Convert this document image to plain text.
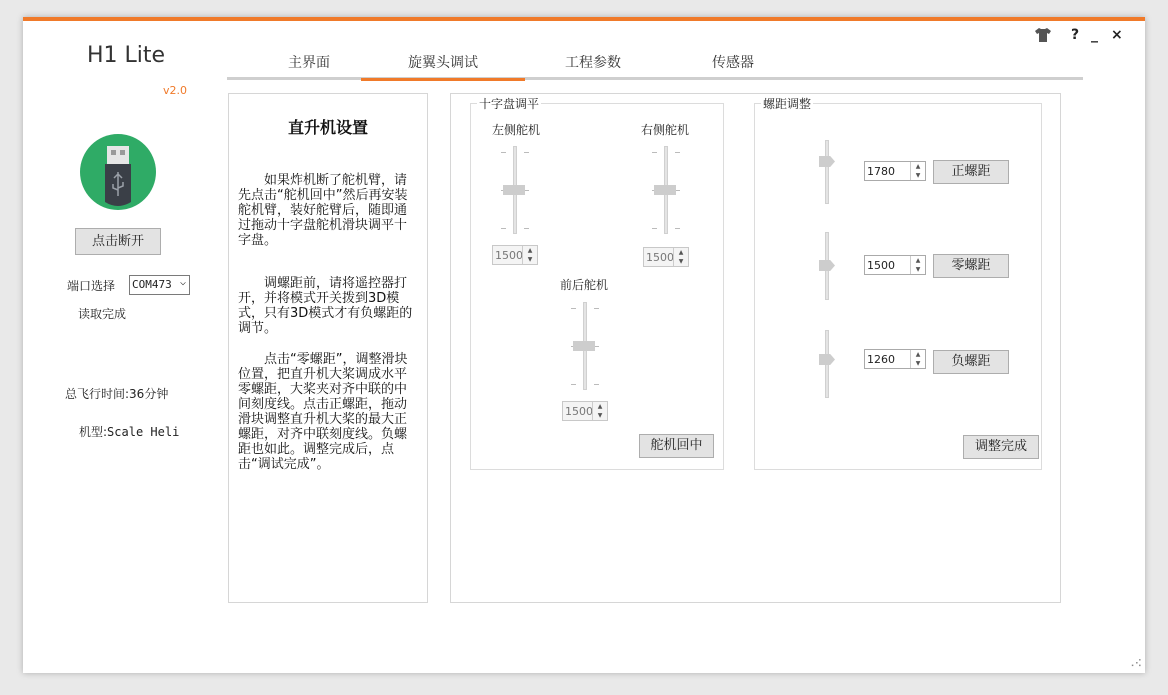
H1 Lite
v2.0
? _ ×
主界面	旋翼头调试	工程参数	传感器
点击断开
端口选择 COM473 ⌵
读取完成
总飞行时间:36分钟
机型:Scale Heli
直升机设置
如果炸机断了舵机臂，请先点击“舵机回中”然后再安装舵机臂，装好舵臂后，随即通过拖动十字盘舵机滑块调平十字盘。
调螺距前，请将遥控器打开，并将模式开关拨到3D模式，只有3D模式才有负螺距的调节。
点击“零螺距”，调整滑块位置，把直升机大桨调成水平零螺距，大桨夹对齐中联的中间刻度线。点击正螺距，拖动滑块调整直升机大桨的最大正螺距，对齐中联刻度线。负螺距也如此。调整完成后，点击“调试完成”。
十字盘调平
左侧舵机
1500 ▲
▼
右侧舵机
1500 ▲
▼
前后舵机
1500 ▲
▼
舵机回中
螺距调整
1780	▲
▼	正螺距
1500	▲
▼	零螺距
1260	▲
▼	负螺距
调整完成
⠠⠪
